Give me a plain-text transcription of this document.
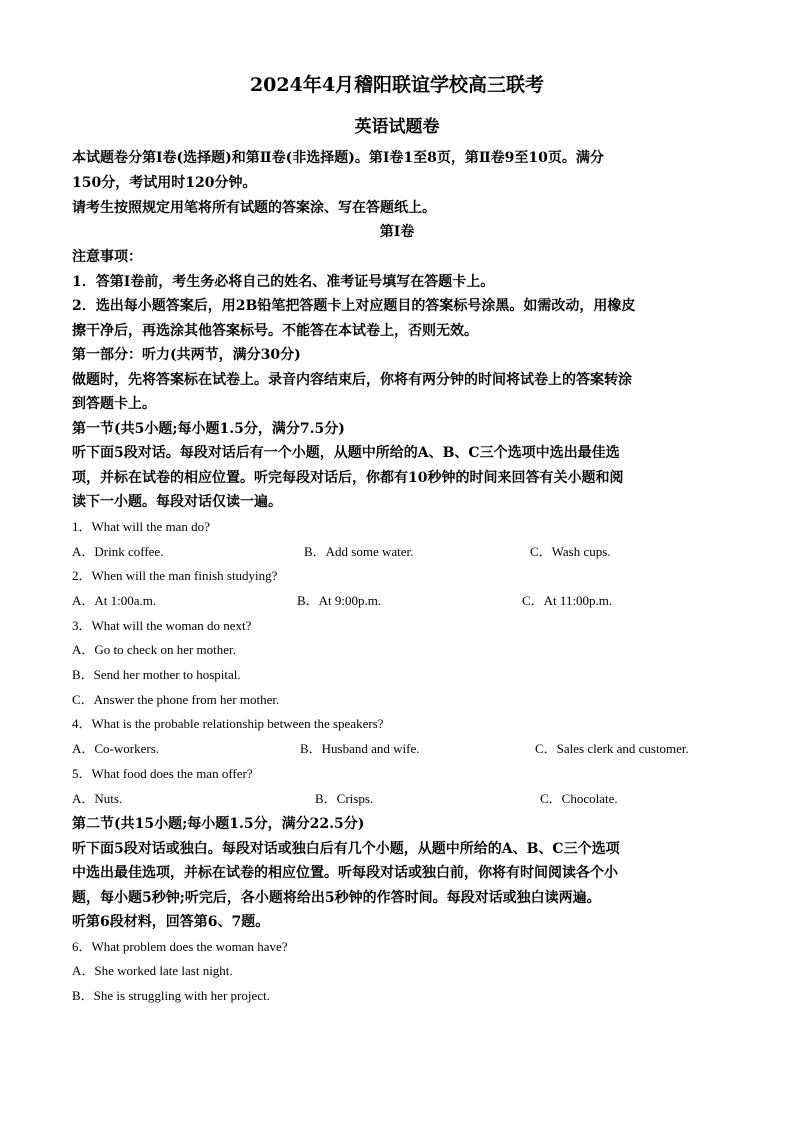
2024年4月稽阳联谊学校高三联考
英语试题卷
本试题卷分第Ⅰ卷(选择题)和第Ⅱ卷(非选择题)。第Ⅰ卷1至8页，第Ⅱ卷9至10页。满分
150分，考试用时120分钟。
请考生按照规定用笔将所有试题的答案涂、写在答题纸上。
第Ⅰ卷
注意事项：
1．答第Ⅰ卷前，考生务必将自己的姓名、准考证号填写在答题卡上。
2．选出每小题答案后，用2B铅笔把答题卡上对应题目的答案标号涂黑。如需改动，用橡皮
擦干净后，再选涂其他答案标号。不能答在本试卷上，否则无效。
第一部分：听力(共两节，满分30分)
做题时，先将答案标在试卷上。录音内容结束后，你将有两分钟的时间将试卷上的答案转涂
到答题卡上。
第一节(共5小题;每小题1.5分，满分7.5分)
听下面5段对话。每段对话后有一个小题，从题中所给的A、B、C三个选项中选出最佳选
项，并标在试卷的相应位置。听完每段对话后，你都有10秒钟的时间来回答有关小题和阅
读下一小题。每段对话仅读一遍。
1．What will the man do?
A．Drink coffee.	B．Add some water.	C．Wash cups.
2．When will the man finish studying?
A．At 1:00a.m.	B．At 9:00p.m.	C．At 11:00p.m.
3．What will the woman do next?
A．Go to check on her mother.
B．Send her mother to hospital.
C．Answer the phone from her mother.
4．What is the probable relationship between the speakers?
A．Co-workers.	B．Husband and wife.	C．Sales clerk and customer.
5．What food does the man offer?
A．Nuts.	B．Crisps.	C．Chocolate.
第二节(共15小题;每小题1.5分，满分22.5分)
听下面5段对话或独白。每段对话或独白后有几个小题，从题中所给的A、B、C三个选项
中选出最佳选项，并标在试卷的相应位置。听每段对话或独白前，你将有时间阅读各个小
题，每小题5秒钟;听完后，各小题将给出5秒钟的作答时间。每段对话或独白读两遍。
听第6段材料，回答第6、7题。
6．What problem does the woman have?
A．She worked late last night.
B．She is struggling with her project.
